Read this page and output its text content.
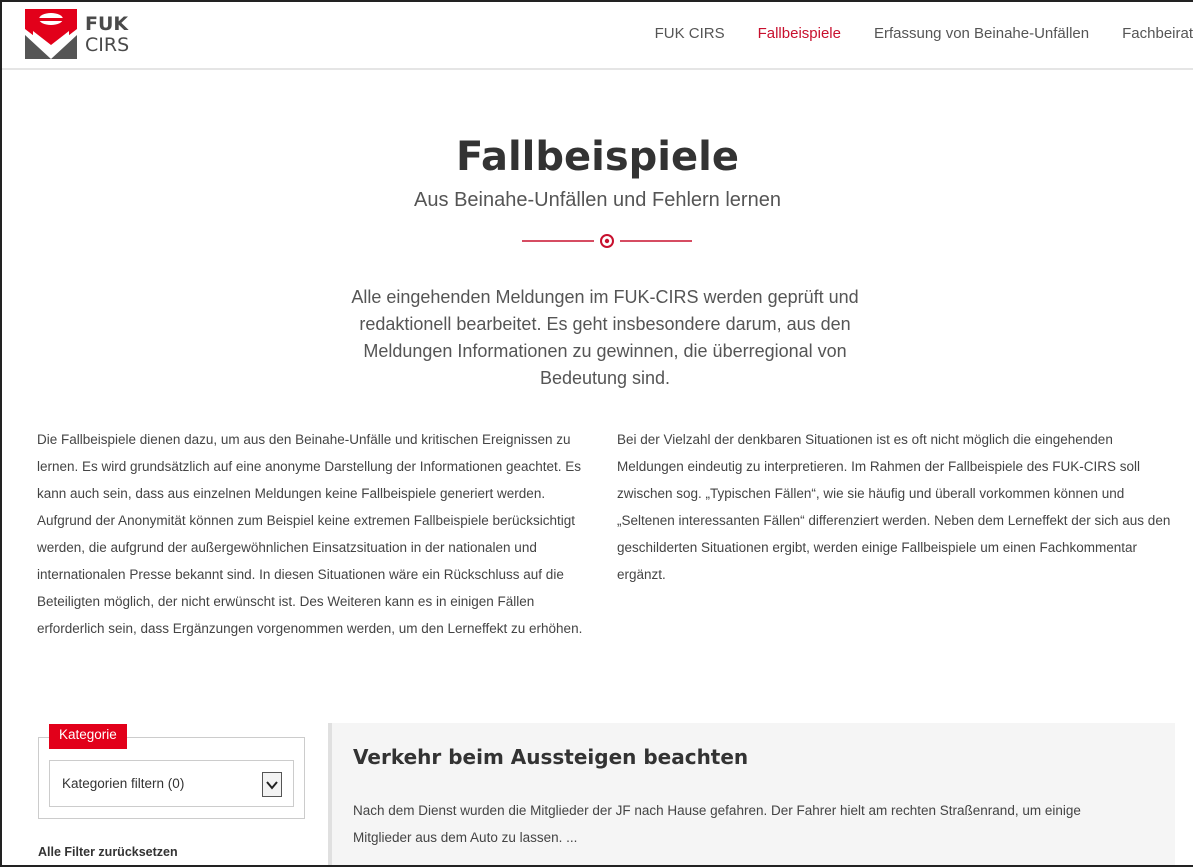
FUK
CIRS
FUK CIRS Fallbeispiele Erfassung von Beinahe-Unfällen Fachbeirat
Fallbeispiele
Aus Beinahe-Unfällen und Fehlern lernen

Alle eingehenden Meldungen im FUK-CIRS werden geprüft und redaktionell bearbeitet. Es geht insbesondere darum, aus den Meldungen Informationen zu gewinnen, die überregional von Bedeutung sind.

Die Fallbeispiele dienen dazu, um aus den Beinahe-Unfälle und kritischen Ereignissen zu lernen. Es wird grundsätzlich auf eine anonyme Darstellung der Informationen geachtet. Es kann auch sein, dass aus einzelnen Meldungen keine Fallbeispiele generiert werden. Aufgrund der Anonymität können zum Beispiel keine extremen Fallbeispiele berücksichtigt werden, die aufgrund der außergewöhnlichen Einsatzsituation in der nationalen und internationalen Presse bekannt sind. In diesen Situationen wäre ein Rückschluss auf die Beteiligten möglich, der nicht erwünscht ist. Des Weiteren kann es in einigen Fällen erforderlich sein, dass Ergänzungen vorgenommen werden, um den Lerneffekt zu erhöhen.

Bei der Vielzahl der denkbaren Situationen ist es oft nicht möglich die eingehenden Meldungen eindeutig zu interpretieren. Im Rahmen der Fallbeispiele des FUK-CIRS soll zwischen sog. „Typischen Fällen“, wie sie häufig und überall vorkommen können und „Seltenen interessanten Fällen“ differenziert werden. Neben dem Lerneffekt der sich aus den geschilderten Situationen ergibt, werden einige Fallbeispiele um einen Fachkommentar ergänzt.

Kategorie
Kategorien filtern (0)
Alle Filter zurücksetzen
Verkehr beim Aussteigen beachten

Nach dem Dienst wurden die Mitglieder der JF nach Hause gefahren. Der Fahrer hielt am rechten Straßenrand, um einige Mitglieder aus dem Auto zu lassen. ...
